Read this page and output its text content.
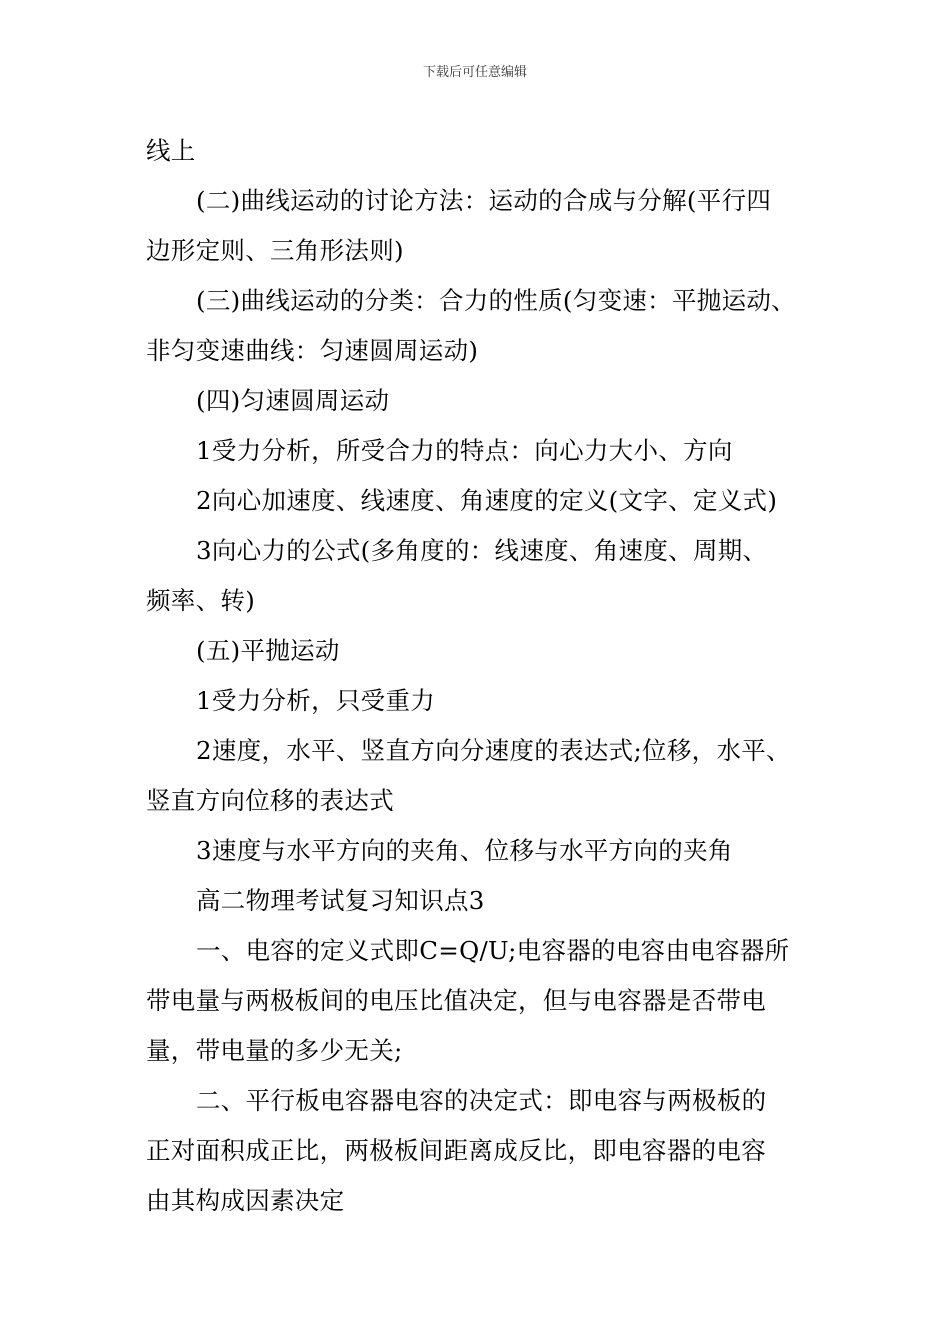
下载后可任意编辑

线上

(二)曲线运动的讨论方法：运动的合成与分解(平行四

边形定则、三角形法则)

(三)曲线运动的分类：合力的性质(匀变速：平抛运动、

非匀变速曲线：匀速圆周运动)

(四)匀速圆周运动

1受力分析，所受合力的特点：向心力大小、方向

2向心加速度、线速度、角速度的定义(文字、定义式)

3向心力的公式(多角度的：线速度、角速度、周期、

频率、转)

(五)平抛运动

1受力分析，只受重力

2速度，水平、竖直方向分速度的表达式;位移，水平、

竖直方向位移的表达式

3速度与水平方向的夹角、位移与水平方向的夹角

高二物理考试复习知识点3

一、电容的定义式即C=Q/U;电容器的电容由电容器所

带电量与两极板间的电压比值决定，但与电容器是否带电

量，带电量的多少无关;

二、平行板电容器电容的决定式：即电容与两极板的

正对面积成正比，两极板间距离成反比，即电容器的电容

由其构成因素决定
